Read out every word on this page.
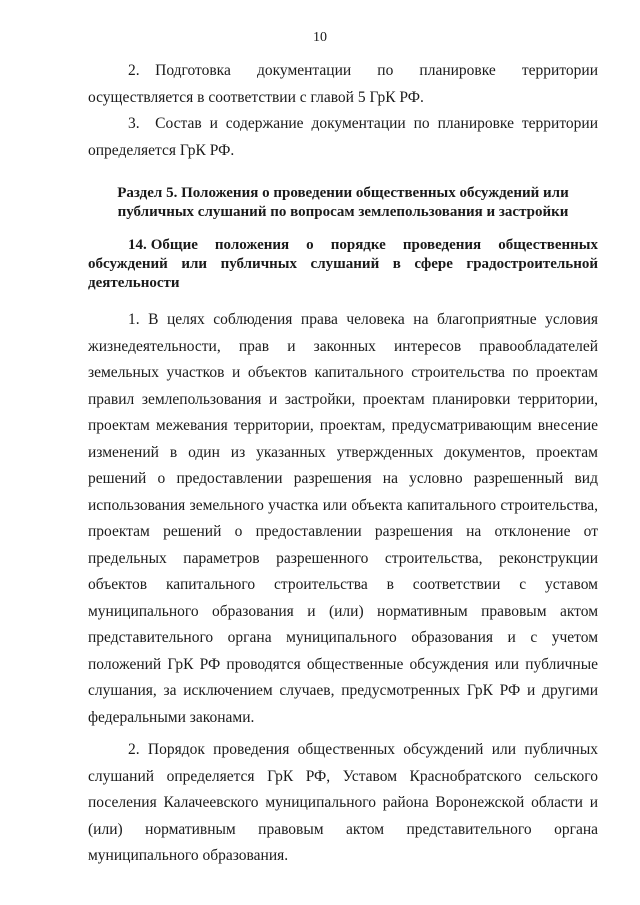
10

2. Подготовка документации по планировке территории осуществляется в соответствии с главой 5 ГрК РФ.

3. Состав и содержание документации по планировке территории определяется ГрК РФ.

Раздел 5. Положения о проведении общественных обсуждений или публичных слушаний по вопросам землепользования и застройки

14. Общие положения о порядке проведения общественных обсуждений или публичных слушаний в сфере градостроительной деятельности

1. В целях соблюдения права человека на благоприятные условия жизнедеятельности, прав и законных интересов правообладателей земельных участков и объектов капитального строительства по проектам правил землепользования и застройки, проектам планировки территории, проектам межевания территории, проектам, предусматривающим внесение изменений в один из указанных утвержденных документов, проектам решений о предоставлении разрешения на условно разрешенный вид использования земельного участка или объекта капитального строительства, проектам решений о предоставлении разрешения на отклонение от предельных параметров разрешенного строительства, реконструкции объектов капитального строительства в соответствии с уставом муниципального образования и (или) нормативным правовым актом представительного органа муниципального образования и с учетом положений ГрК РФ проводятся общественные обсуждения или публичные слушания, за исключением случаев, предусмотренных ГрК РФ и другими федеральными законами.

2. Порядок проведения общественных обсуждений или публичных слушаний определяется ГрК РФ, Уставом Краснобратского сельского поселения Калачеевского муниципального района Воронежской области и (или) нормативным правовым актом представительного органа муниципального образования.
